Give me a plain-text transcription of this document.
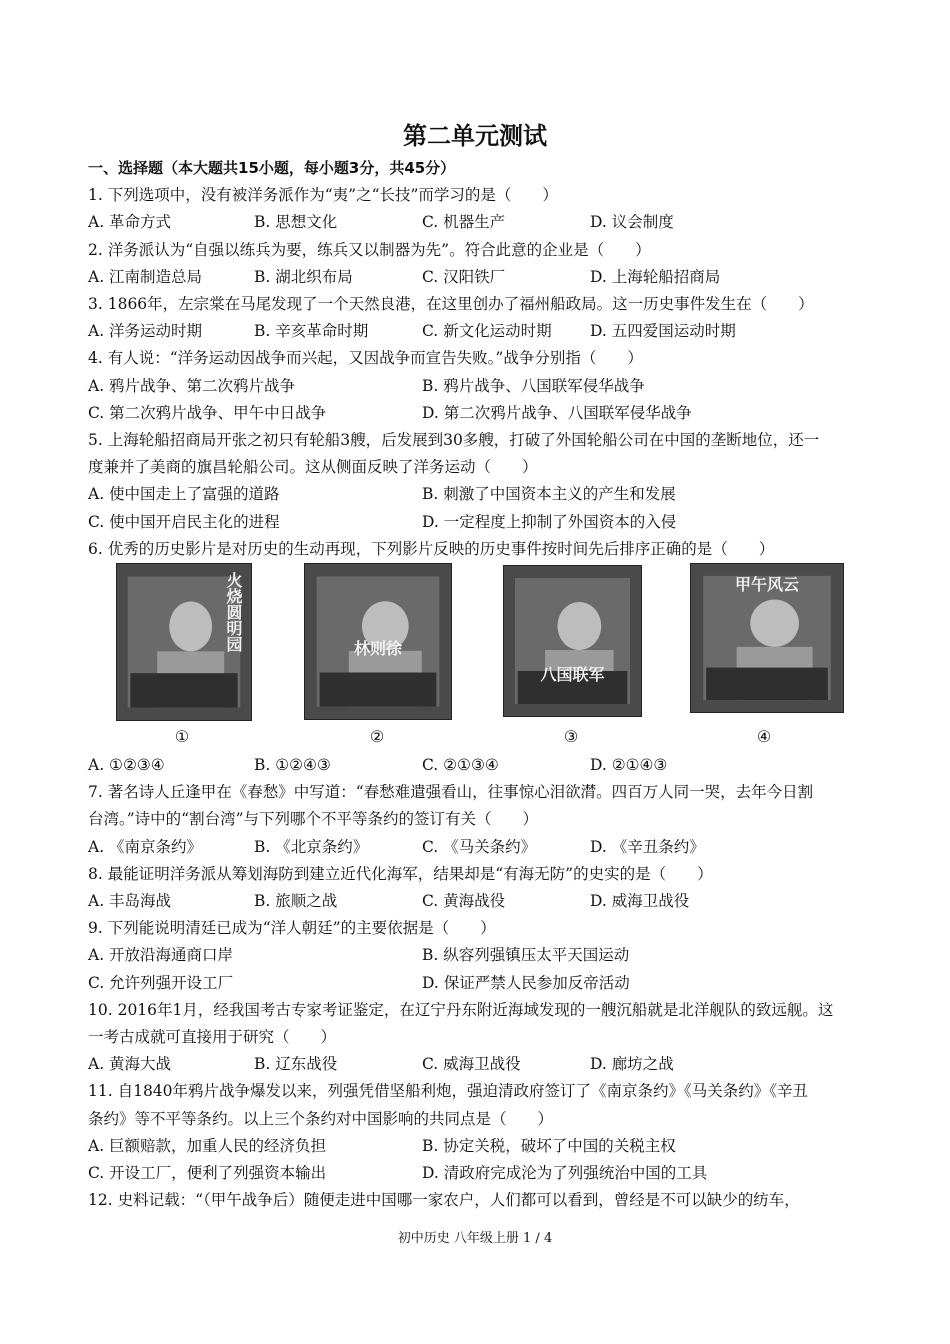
第二单元测试
一、选择题（本大题共15小题，每小题3分，共45分）
1. 下列选项中，没有被洋务派作为“夷”之“长技”而学习的是（　　）
A. 革命方式	B. 思想文化	C. 机器生产	D. 议会制度
2. 洋务派认为“自强以练兵为要，练兵又以制器为先”。符合此意的企业是（　　）
A. 江南制造总局	B. 湖北织布局	C. 汉阳铁厂	D. 上海轮船招商局
3. 1866年，左宗棠在马尾发现了一个天然良港，在这里创办了福州船政局。这一历史事件发生在（　　）
A. 洋务运动时期	B. 辛亥革命时期	C. 新文化运动时期 D. 五四爱国运动时期
4. 有人说：“洋务运动因战争而兴起，又因战争而宣告失败。”战争分别指（　　）
A. 鸦片战争、第二次鸦片战争	B. 鸦片战争、八国联军侵华战争
C. 第二次鸦片战争、甲午中日战争	D. 第二次鸦片战争、八国联军侵华战争
5. 上海轮船招商局开张之初只有轮船3艘，后发展到30多艘，打破了外国轮船公司在中国的垄断地位，还一
度兼并了美商的旗昌轮船公司。这从侧面反映了洋务运动（　　）
A. 使中国走上了富强的道路	B. 刺激了中国资本主义的产生和发展
C. 使中国开启民主化的进程	D. 一定程度上抑制了外国资本的入侵
6. 优秀的历史影片是对历史的生动再现，下列影片反映的历史事件按时间先后排序正确的是（　　）
火烧圆明园
①
林则徐
②
八国联军
③
甲午风云
④
A. ①②③④	B. ①②④③	C. ②①③④	D. ②①④③
7. 著名诗人丘逢甲在《春愁》中写道：“春愁难遣强看山，往事惊心泪欲潸。四百万人同一哭，去年今日割
台湾。”诗中的“割台湾”与下列哪个不平等条约的签订有关（　　）
A. 《南京条约》	B. 《北京条约》	C. 《马关条约》	D. 《辛丑条约》
8. 最能证明洋务派从筹划海防到建立近代化海军，结果却是“有海无防”的史实的是（　　）
A. 丰岛海战	B. 旅顺之战	C. 黄海战役	D. 威海卫战役
9. 下列能说明清廷已成为“洋人朝廷”的主要依据是（　　）
A. 开放沿海通商口岸	B. 纵容列强镇压太平天国运动
C. 允许列强开设工厂	D. 保证严禁人民参加反帝活动
10. 2016年1月，经我国考古专家考证鉴定，在辽宁丹东附近海域发现的一艘沉船就是北洋舰队的致远舰。这
一考古成就可直接用于研究（　　）
A. 黄海大战	B. 辽东战役	C. 威海卫战役	D. 廊坊之战
11. 自1840年鸦片战争爆发以来，列强凭借坚船利炮，强迫清政府签订了《南京条约》《马关条约》《辛丑
条约》等不平等条约。以上三个条约对中国影响的共同点是（　　）
A. 巨额赔款，加重人民的经济负担	B. 协定关税，破坏了中国的关税主权
C. 开设工厂，便利了列强资本输出	D. 清政府完成沦为了列强统治中国的工具
12. 史料记载：“（甲午战争后）随便走进中国哪一家农户，人们都可以看到，曾经是不可以缺少的纺车，
初中历史 八年级上册 1 / 4
